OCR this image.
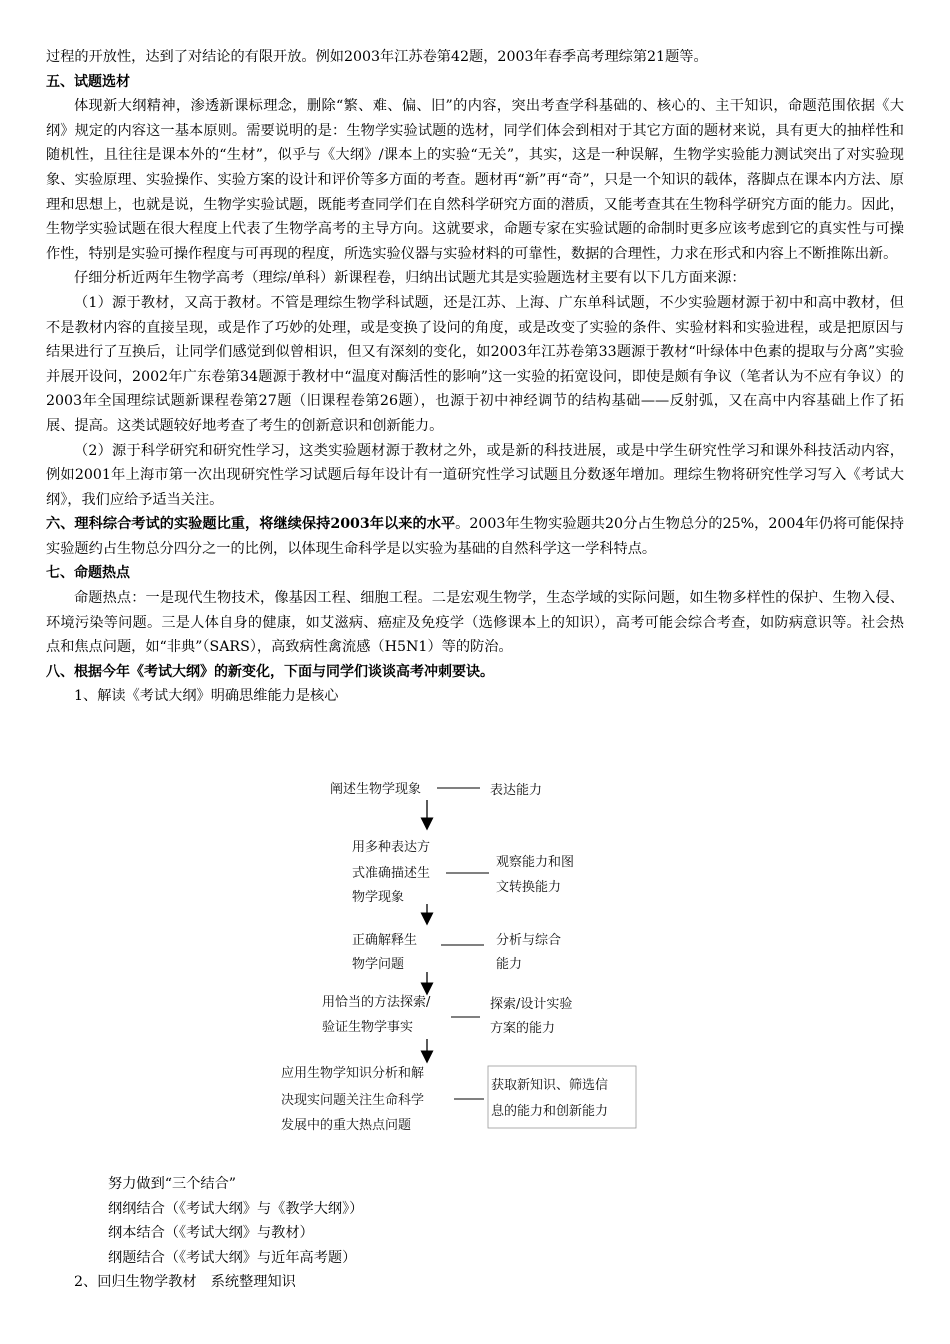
过程的开放性，达到了对结论的有限开放。例如2003年江苏卷第42题，2003年春季高考理综第21题等。

五、试题选材

体现新大纲精神，渗透新课标理念，删除“繁、难、偏、旧”的内容，突出考查学科基础的、核心的、主干知识，命题范围依据《大纲》规定的内容这一基本原则。需要说明的是：生物学实验试题的选材，同学们体会到相对于其它方面的题材来说，具有更大的抽样性和随机性，且往往是课本外的“生材”，似乎与《大纲》/课本上的实验“无关”，其实，这是一种误解，生物学实验能力测试突出了对实验现象、实验原理、实验操作、实验方案的设计和评价等多方面的考查。题材再“新”再“奇”，只是一个知识的载体，落脚点在课本内方法、原理和思想上，也就是说，生物学实验试题，既能考查同学们在自然科学研究方面的潜质，又能考查其在生物科学研究方面的能力。因此，生物学实验试题在很大程度上代表了生物学高考的主导方向。这就要求，命题专家在实验试题的命制时更多应该考虑到它的真实性与可操作性，特别是实验可操作程度与可再现的程度，所选实验仪器与实验材料的可靠性，数据的合理性，力求在形式和内容上不断推陈出新。

仔细分析近两年生物学高考（理综/单科）新课程卷，归纳出试题尤其是实验题选材主要有以下几方面来源：

（1）源于教材，又高于教材。不管是理综生物学科试题，还是江苏、上海、广东单科试题，不少实验题材源于初中和高中教材，但不是教材内容的直接呈现，或是作了巧妙的处理，或是变换了设问的角度，或是改变了实验的条件、实验材料和实验进程，或是把原因与结果进行了互换后，让同学们感觉到似曾相识，但又有深刻的变化，如2003年江苏卷第33题源于教材“叶绿体中色素的提取与分离”实验并展开设问，2002年广东卷第34题源于教材中“温度对酶活性的影响”这一实验的拓宽设问，即使是颇有争议（笔者认为不应有争议）的2003年全国理综试题新课程卷第27题（旧课程卷第26题），也源于初中神经调节的结构基础——反射弧，又在高中内容基础上作了拓展、提高。这类试题较好地考查了考生的创新意识和创新能力。

（2）源于科学研究和研究性学习，这类实验题材源于教材之外，或是新的科技进展，或是中学生研究性学习和课外科技活动内容，例如2001年上海市第一次出现研究性学习试题后每年设计有一道研究性学习试题且分数逐年增加。理综生物将研究性学习写入《考试大纲》，我们应给予适当关注。

六、理科综合考试的实验题比重，将继续保持2003年以来的水平。2003年生物实验题共20分占生物总分的25%，2004年仍将可能保持实验题约占生物总分四分之一的比例，以体现生命科学是以实验为基础的自然科学这一学科特点。

七、命题热点

命题热点：一是现代生物技术，像基因工程、细胞工程。二是宏观生物学，生态学域的实际问题，如生物多样性的保护、生物入侵、环境污染等问题。三是人体自身的健康，如艾滋病、癌症及免疫学（选修课本上的知识），高考可能会综合考查，如防病意识等。社会热点和焦点问题，如“非典”（SARS），高致病性禽流感（H5N1）等的防治。

八、根据今年《考试大纲》的新变化，下面与同学们谈谈高考冲刺要诀。

1、解读《考试大纲》明确思维能力是核心

阐述生物学现象
用多种表达方
式准确描述生
物学现象
正确解释生
物学问题
用恰当的方法探索/
验证生物学事实
应用生物学知识分析和解
决现实问题关注生命科学
发展中的重大热点问题
表达能力
观察能力和图
文转换能力
分析与综合
能力
探索/设计实验
方案的能力
获取新知识、筛选信
息的能力和创新能力

努力做到“三个结合”

纲纲结合（《考试大纲》与《教学大纲》）

纲本结合（《考试大纲》与教材）

纲题结合（《考试大纲》与近年高考题）

2、回归生物学教材　系统整理知识
